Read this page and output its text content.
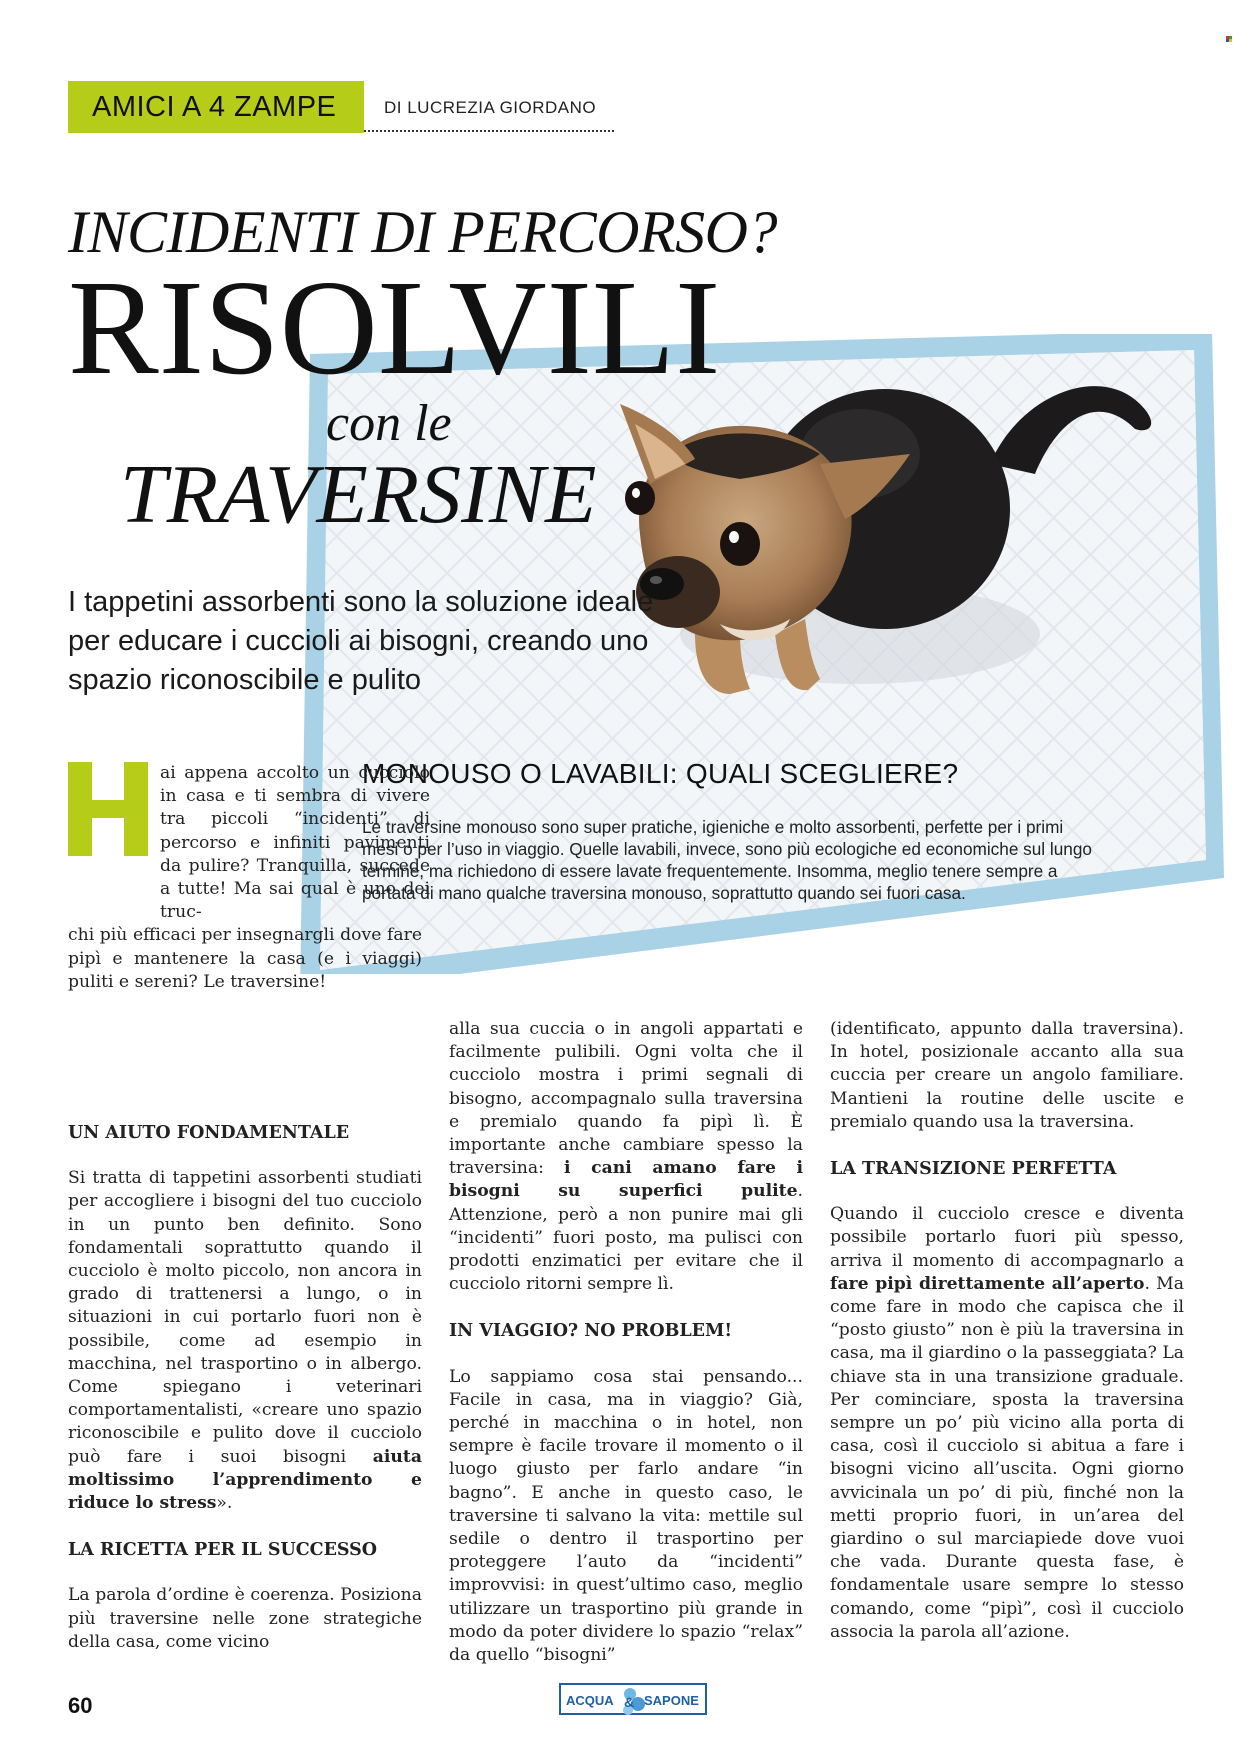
AMICI A 4 ZAMPE	DI LUCREZIA GIORDANO
INCIDENTI DI PERCORSO?
RISOLVILI
con le
TRAVERSINE
I tappetini assorbenti sono la soluzione ideale per educare i cuccioli ai bisogni, creando uno spazio riconoscibile e pulito
MONOUSO O LAVABILI: QUALI SCEGLIERE?
Le traversine monouso sono super pratiche, igieniche e molto assorbenti, perfette per i primi mesi o per l’uso in viaggio. Quelle lavabili, invece, sono più ecologiche ed economiche sul lungo termine, ma richiedono di essere lavate frequentemente. Insomma, meglio tenere sempre a portata di mano qualche traversina monouso, soprattutto quando sei fuori casa.
H

ai appena accolto un cucciolo in casa e ti sembra di vivere tra piccoli “incidenti” di percorso e infiniti pavimenti da pulire? Tranquilla, succede a tutte! Ma sai qual è uno dei truc-

chi più efficaci per insegnargli dove fare pipì e mantenere la casa (e i viaggi) puliti e sereni? Le traversine!

UN AIUTO FONDAMENTALE

Si tratta di tappetini assorbenti studiati per accogliere i bisogni del tuo cucciolo in un punto ben definito. Sono fondamentali soprattutto quando il cucciolo è molto piccolo, non ancora in grado di trattenersi a lungo, o in situazioni in cui portarlo fuori non è possibile, come ad esempio in macchina, nel trasportino o in albergo. Come spiegano i veterinari comportamentalisti, «creare uno spazio riconoscibile e pulito dove il cucciolo può fare i suoi bisogni aiuta moltissimo l’apprendimento e riduce lo stress».

LA RICETTA PER IL SUCCESSO

La parola d’ordine è coerenza. Posiziona più traversine nelle zone strategiche della casa, come vicino

alla sua cuccia o in angoli appartati e facilmente pulibili. Ogni volta che il cucciolo mostra i primi segnali di bisogno, accompagnalo sulla traversina e premialo quando fa pipì lì. È importante anche cambiare spesso la traversina: i cani amano fare i bisogni su superfici pulite. Attenzione, però a non punire mai gli “incidenti” fuori posto, ma pulisci con prodotti enzimatici per evitare che il cucciolo ritorni sempre lì.

IN VIAGGIO? NO PROBLEM!

Lo sappiamo cosa stai pensando... Facile in casa, ma in viaggio? Già, perché in macchina o in hotel, non sempre è facile trovare il momento o il luogo giusto per farlo andare “in bagno”. E anche in questo caso, le traversine ti salvano la vita: mettile sul sedile o dentro il trasportino per proteggere l’auto da “incidenti” improvvisi: in quest’ultimo caso, meglio utilizzare un trasportino più grande in modo da poter dividere lo spazio “relax” da quello “bisogni”

(identificato, appunto dalla traversina). In hotel, posizionale accanto alla sua cuccia per creare un angolo familiare. Mantieni la routine delle uscite e premialo quando usa la traversina.

LA TRANSIZIONE PERFETTA

Quando il cucciolo cresce e diventa possibile portarlo fuori più spesso, arriva il momento di accompagnarlo a fare pipì direttamente all’aperto. Ma come fare in modo che capisca che il “posto giusto” non è più la traversina in casa, ma il giardino o la passeggiata? La chiave sta in una transizione graduale. Per cominciare, sposta la traversina sempre un po’ più vicino alla porta di casa, così il cucciolo si abitua a fare i bisogni vicino all’uscita. Ogni giorno avvicinala un po’ di più, finché non la metti proprio fuori, in un’area del giardino o sul marciapiede dove vuoi che vada. Durante questa fase, è fondamentale usare sempre lo stesso comando, come “pipì”, così il cucciolo associa la parola all’azione.

60	ACQUA & SAPONE
